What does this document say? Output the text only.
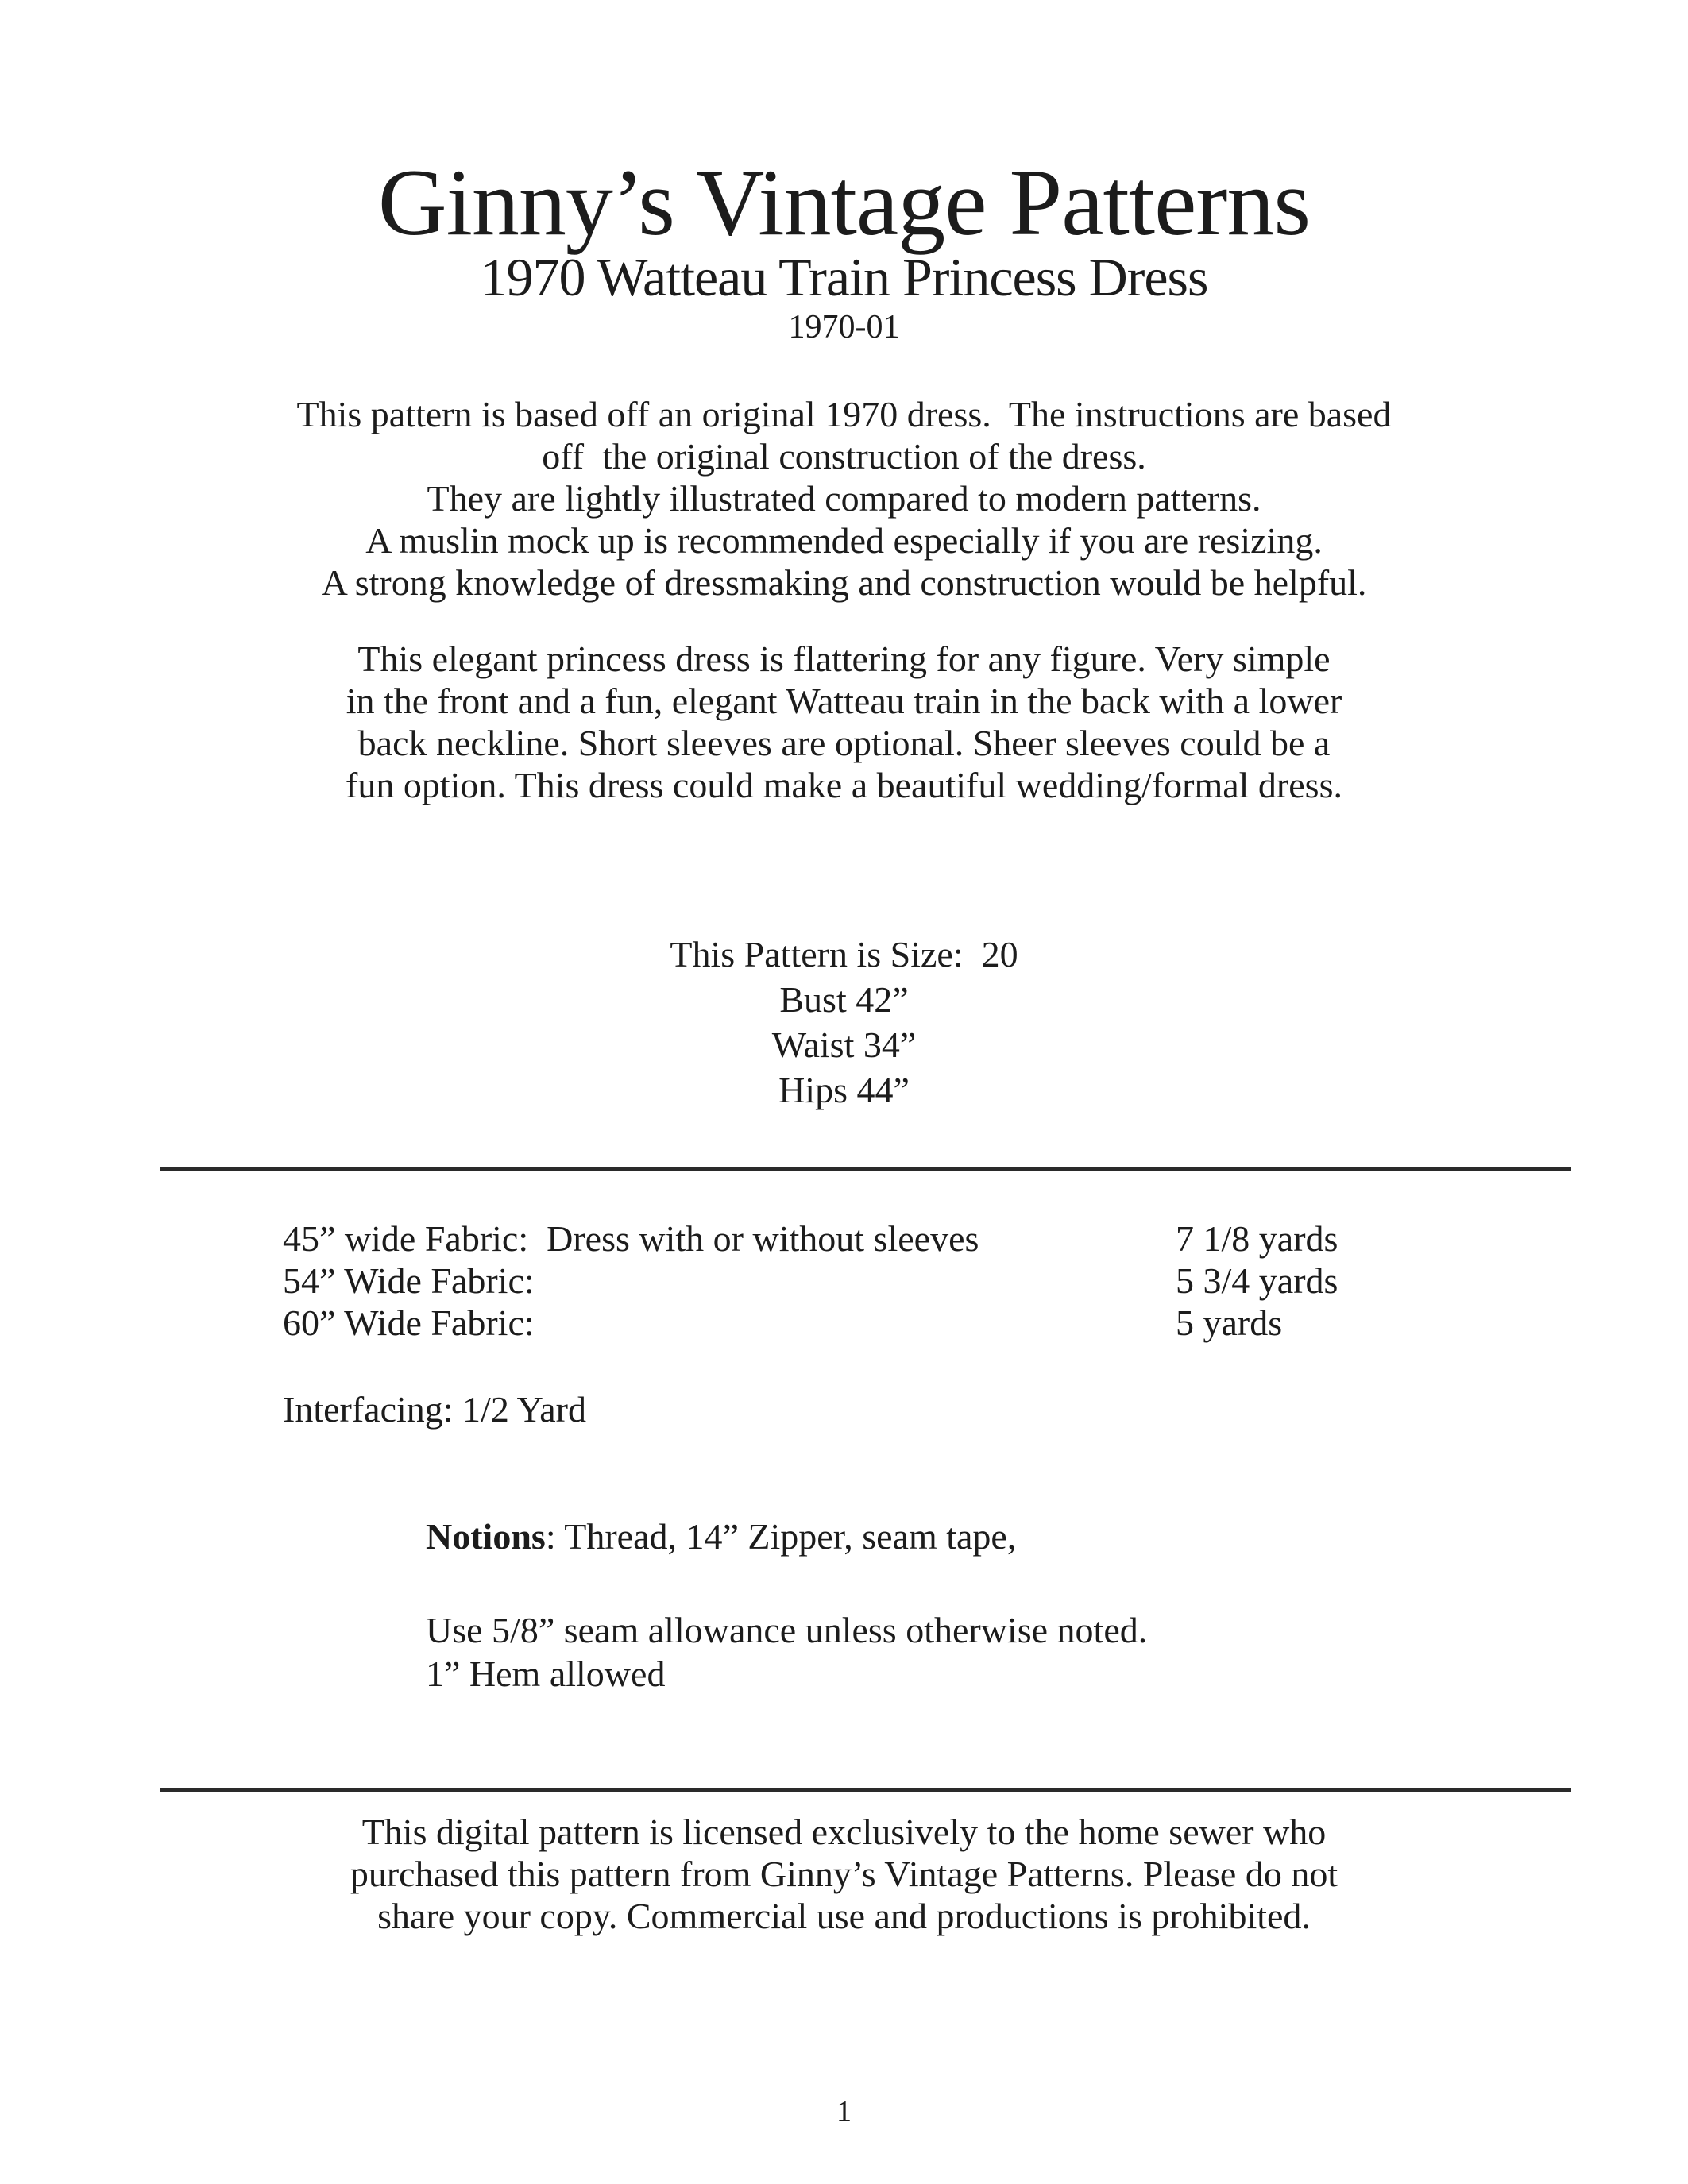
Ginny’s Vintage Patterns
1970 Watteau Train Princess Dress
1970-01
This pattern is based off an original 1970 dress.  The instructions are based
off  the original construction of the dress.
They are lightly illustrated compared to modern patterns.
A muslin mock up is recommended especially if you are resizing.
A strong knowledge of dressmaking and construction would be helpful.
This elegant princess dress is flattering for any figure. Very simple
in the front and a fun, elegant Watteau train in the back with a lower
back neckline. Short sleeves are optional. Sheer sleeves could be a
fun option. This dress could make a beautiful wedding/formal dress.
This Pattern is Size:  20
Bust 42”
Waist 34”
Hips 44”
45” wide Fabric:  Dress with or without sleeves	7 1/8 yards
54” Wide Fabric:	5 3/4 yards
60” Wide Fabric:	5 yards
Interfacing: 1/2 Yard
Notions: Thread, 14” Zipper, seam tape,
Use 5/8” seam allowance unless otherwise noted.
1” Hem allowed
This digital pattern is licensed exclusively to the home sewer who
purchased this pattern from Ginny’s Vintage Patterns. Please do not
share your copy. Commercial use and productions is prohibited.
1
